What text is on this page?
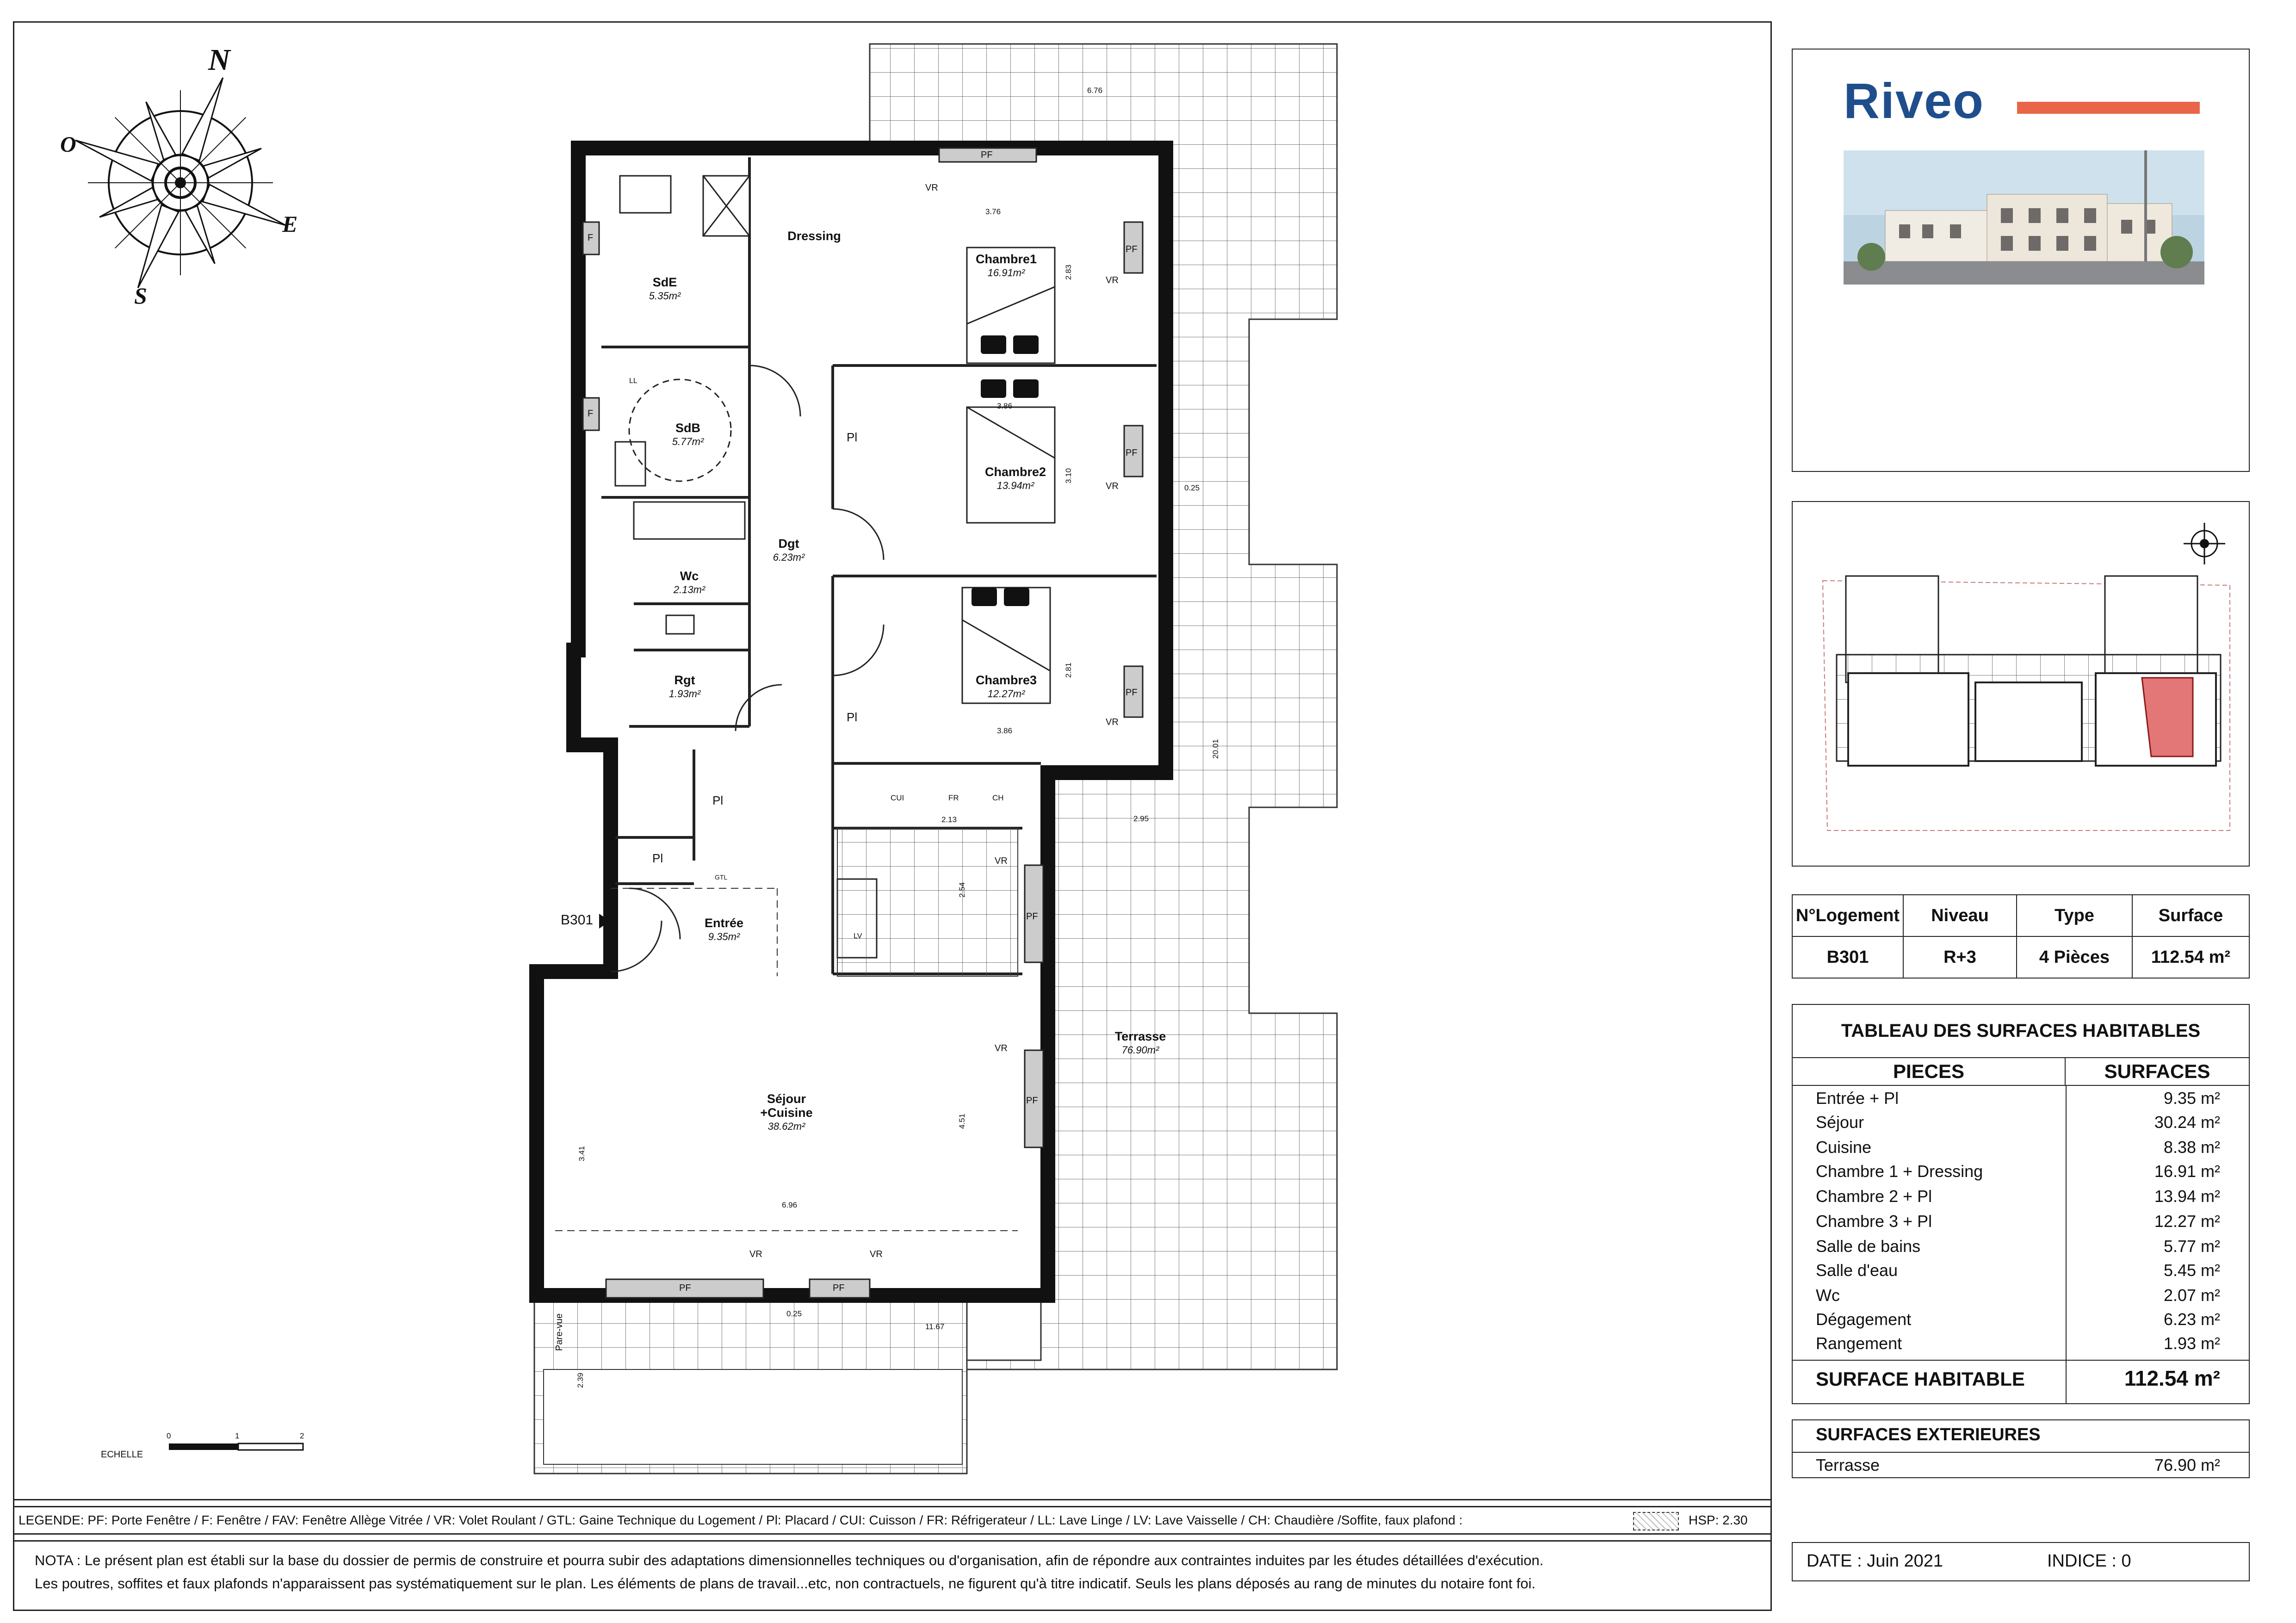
N
O
E
S
ECHELLE
0	1	2
SdE
5.35m²
Dressing
Chambre1
16.91m²
SdB
5.77m²
Chambre2
13.94m²
Dgt
6.23m²
Wc
2.13m²
Chambre3
12.27m²
Rgt
1.93m²
Entrée
9.35m²
Séjour +Cuisine
38.62m²
Terrasse
76.90m²
PF
PF
PF
PF
PF
PF
PF	PF
F
F
VR
VR
VR
VR
VR
VR
VR	VR
Pl
Pl
Pl
Pl
LL
LV
CUI	FR	CH
GTL
B301
Pare-vue
0.25
0.25
6.76
3.76
2.83
3.86
3.10
2.81
3.86
20.01
2.95
2.13
2.54
4.51
3.41
6.96
11.67
2.39
Riveo
N°Logement	Niveau	Type	Surface
B301	R+3	4 Pièces	112.54 m²
TABLEAU DES SURFACES HABITABLES
PIECES	SURFACES
Entrée + Pl	9.35 m²
Séjour	30.24 m²
Cuisine	8.38 m²
Chambre 1 + Dressing	16.91 m²
Chambre 2 + Pl	13.94 m²
Chambre 3 + Pl	12.27 m²
Salle de bains	5.77 m²
Salle d'eau	5.45 m²
Wc	2.07 m²
Dégagement	6.23 m²
Rangement	1.93 m²
SURFACE HABITABLE	112.54 m²
SURFACES EXTERIEURES
Terrasse	76.90 m²
LEGENDE: PF: Porte Fenêtre / F: Fenêtre / FAV: Fenêtre Allège Vitrée / VR: Volet Roulant / GTL: Gaine Technique du Logement / Pl: Placard / CUI: Cuisson / FR: Réfrigerateur / LL: Lave Linge / LV: Lave Vaisselle / CH: Chaudière /Soffite, faux plafond :	HSP: 2.30
NOTA : Le présent plan est établi sur la base du dossier de permis de construire et pourra subir des adaptations dimensionnelles techniques ou d'organisation, afin de répondre aux contraintes induites par les études détaillées d'exécution.
Les poutres, soffites et faux plafonds n'apparaissent pas systématiquement sur le plan. Les éléments de plans de travail...etc, non contractuels, ne figurent qu'à titre indicatif. Seuls les plans déposés au rang de minutes du notaire font foi.
DATE : Juin 2021	INDICE : 0
